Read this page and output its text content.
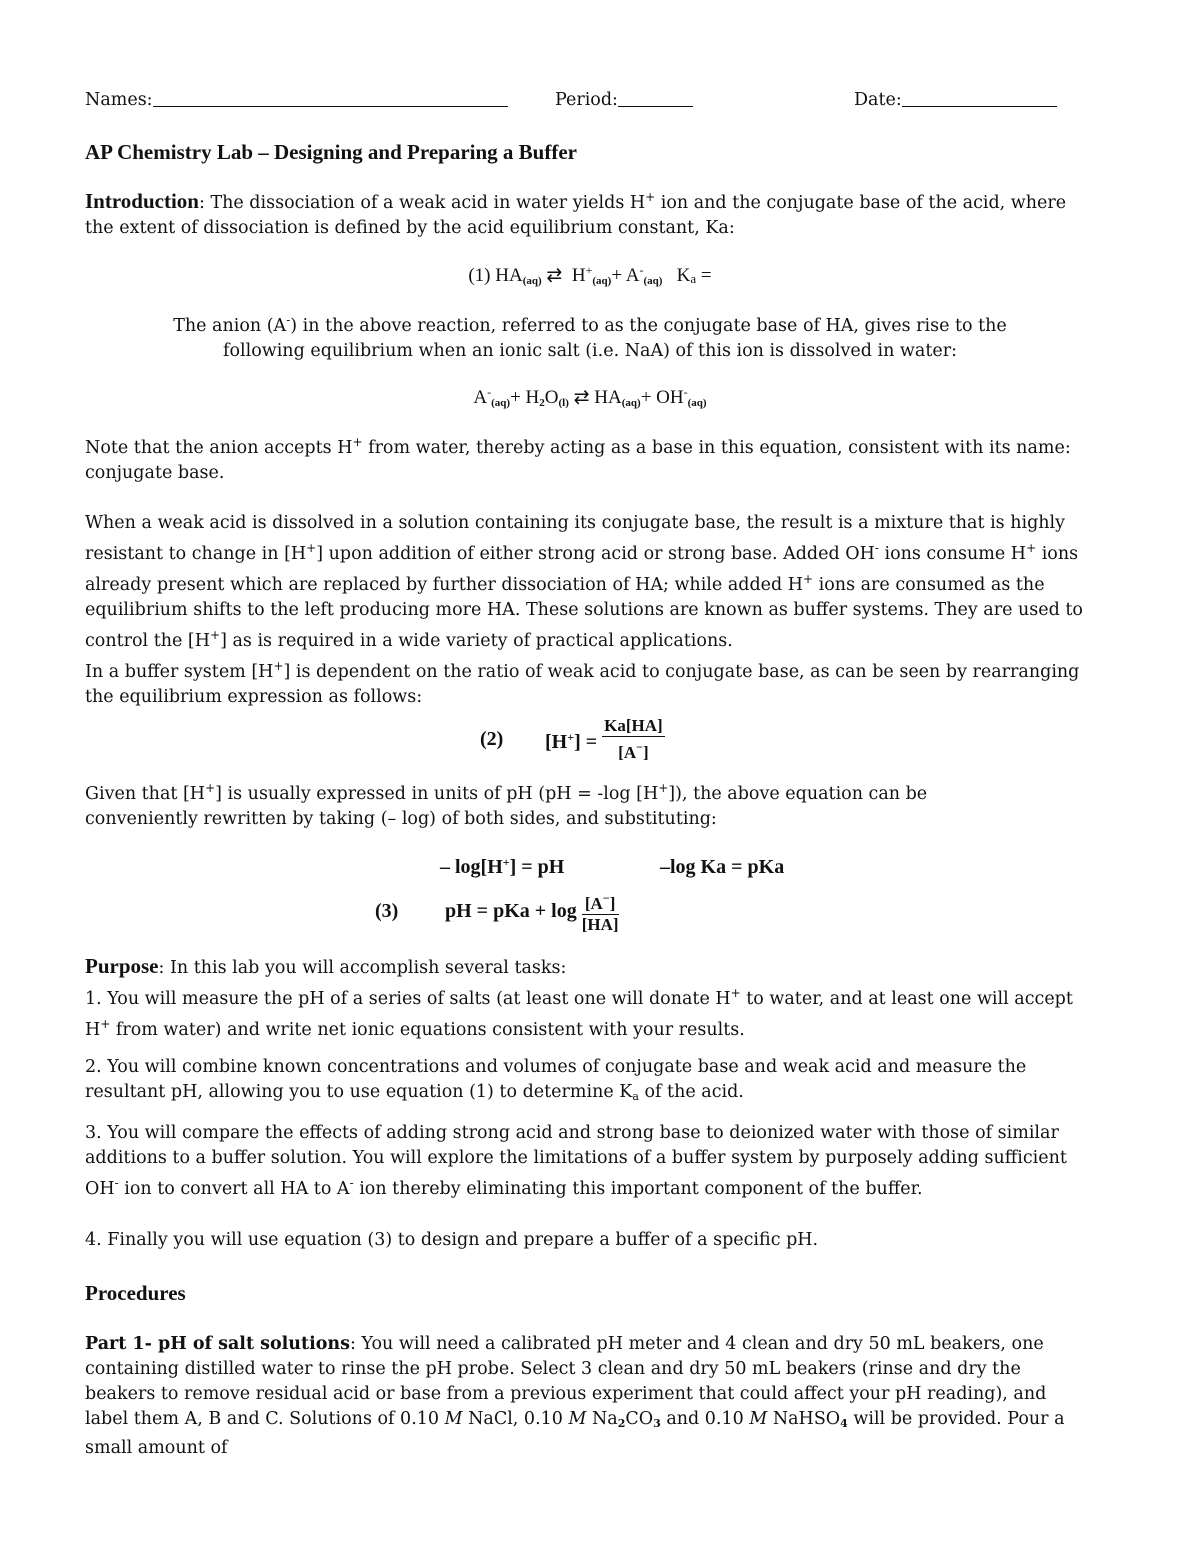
Names:	Period:	Date:
AP Chemistry Lab – Designing and Preparing a Buffer

Introduction: The dissociation of a weak acid in water yields H+ ion and the conjugate base of the acid, where the extent of dissociation is defined by the acid equilibrium constant, Ka:

(1) $HA_{(aq)}$ ⇄  $H^+_{(aq)}+ A^-_{(aq)}$ Ka =

The anion (A-) in the above reaction, referred to as the conjugate base of HA, gives rise to the following equilibrium when an ionic salt (i.e. NaA) of this ion is dissolved in water:

$A^-_{(aq)}+ H_2O_{(l)}$ ⇄ $HA_{(aq)}+ OH^-_{(aq)}$

Note that the anion accepts H+ from water, thereby acting as a base in this equation, consistent with its name: conjugate base.

When a weak acid is dissolved in a solution containing its conjugate base, the result is a mixture that is highly resistant to change in [H+] upon addition of either strong acid or strong base. Added OH- ions consume H+ ions already present which are replaced by further dissociation of HA; while added H+ ions are consumed as the equilibrium shifts to the left producing more HA. These solutions are known as buffer systems. They are used to control the [H+] as is required in a wide variety of practical applications.

In a buffer system [H+] is dependent on the ratio of weak acid to conjugate base, as can be seen by rearranging the equilibrium expression as follows:

(2) $[H^+] = \frac{Ka[HA]}{[A^-]}$

Given that [H+] is usually expressed in units of pH (pH = -log [H+]), the above equation can be
conveniently rewritten by taking (– log) of both sides, and substituting:

– log[H+] = pH	–log Ka = pKa
(3) pH = pKa + $\log \frac{[A^-]}{[HA]}$

Purpose: In this lab you will accomplish several tasks:

1. You will measure the pH of a series of salts (at least one will donate H+ to water, and at least one will accept H+ from water) and write net ionic equations consistent with your results.

2. You will combine known concentrations and volumes of conjugate base and weak acid and measure the resultant pH, allowing you to use equation (1) to determine Ka of the acid.

3. You will compare the effects of adding strong acid and strong base to deionized water with those of similar additions to a buffer solution. You will explore the limitations of a buffer system by purposely adding sufficient OH- ion to convert all HA to A- ion thereby eliminating this important component of the buffer.

4. Finally you will use equation (3) to design and prepare a buffer of a specific pH.

Procedures

Part 1- pH of salt solutions: You will need a calibrated pH meter and 4 clean and dry 50 mL beakers, one containing distilled water to rinse the pH probe. Select 3 clean and dry 50 mL beakers (rinse and dry the beakers to remove residual acid or base from a previous experiment that could affect your pH reading), and label them A, B and C. Solutions of 0.10 M NaCl, 0.10 M $Na_2CO_3$ and 0.10 M NaHSO$_4$ will be provided. Pour a small amount of
